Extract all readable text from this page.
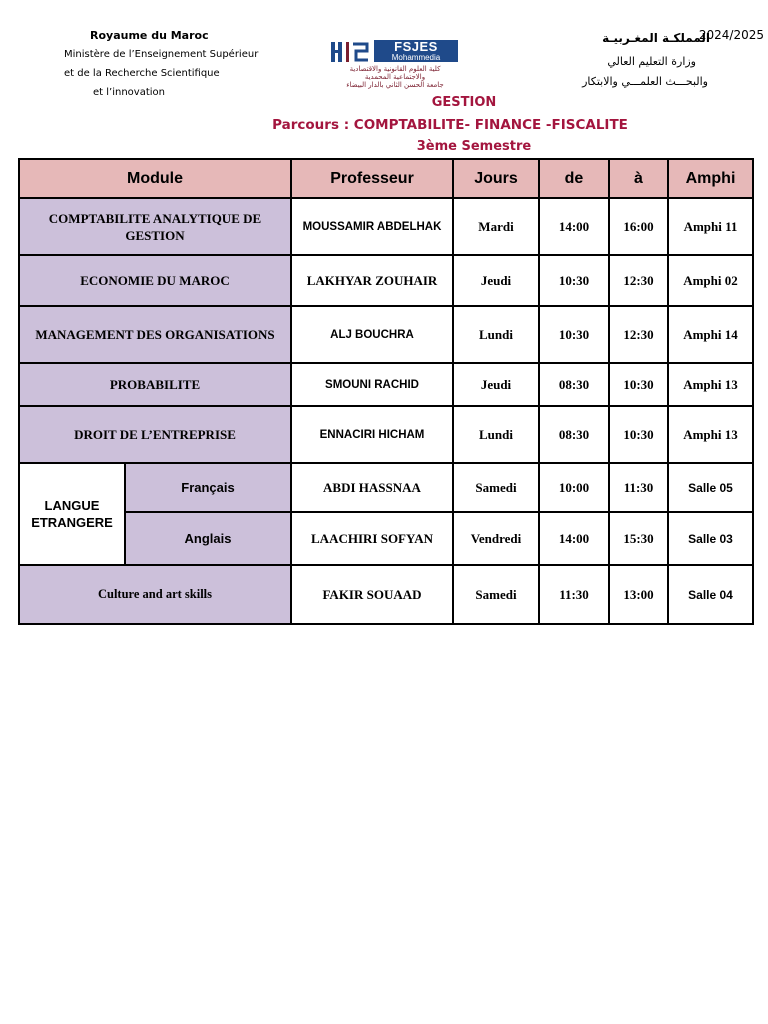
Royaume du Maroc
Ministère de l’Enseignement Supérieur
et de la Recherche Scientifique
et l’innovation
FSJES
Mohammedia
كلية العلوم القانونية والاقتصادية
والاجتماعية المحمدية
جامعة الحسن الثاني بالدار البيضاء
المملكـة المغـربيـة
وزارة التعليم العالي
والبحـــث العلمـــي والابتكار
2024/2025
GESTION
Parcours : COMPTABILITE- FINANCE -FISCALITE
3ème Semestre
Module		Professeur	Jours	de	à	Amphi
COMPTABILITE ANALYTIQUE DE GESTION		MOUSSAMIR ABDELHAK	Mardi	14:00	16:00	Amphi 11
ECONOMIE DU MAROC		LAKHYAR ZOUHAIR	Jeudi	10:30	12:30	Amphi 02
MANAGEMENT DES ORGANISATIONS		ALJ BOUCHRA	Lundi	10:30	12:30	Amphi 14
PROBABILITE		SMOUNI RACHID	Jeudi	08:30	10:30	Amphi 13
DROIT DE L’ENTREPRISE		ENNACIRI HICHAM	Lundi	08:30	10:30	Amphi 13
LANGUE ETRANGERE	Français	ABDI HASSNAA	Samedi	10:00	11:30	Salle 05
	Anglais	LAACHIRI SOFYAN	Vendredi	14:00	15:30	Salle 03
Culture and art skills		FAKIR SOUAAD	Samedi	11:30	13:00	Salle 04
